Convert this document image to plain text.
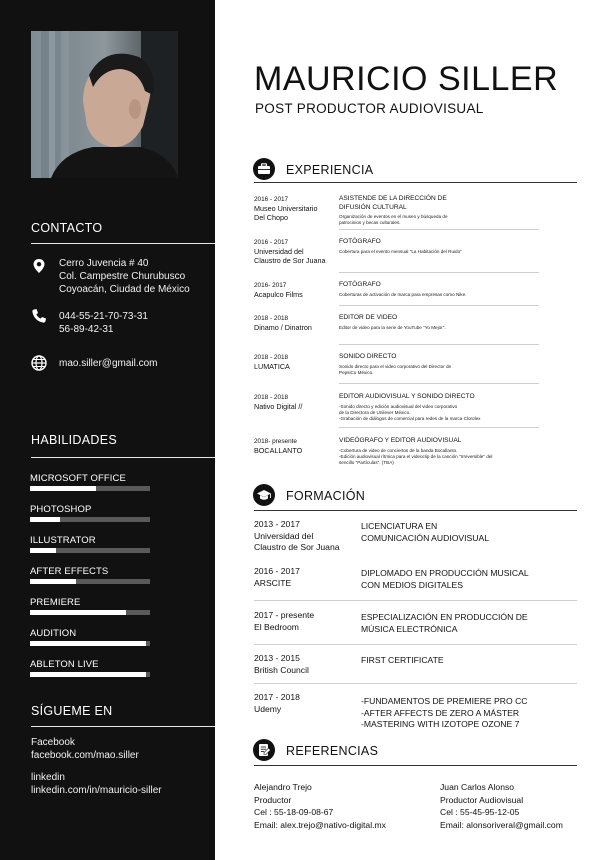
CONTACTO
Cerro Juvencia # 40
Col. Campestre Churubusco
Coyoacán, Ciudad de México
044-55-21-70-73-31
56-89-42-31
mao.siller@gmail.com
HABILIDADES
SÍGUEME EN
Facebook
facebook.com/mao.siller
linkedin
linkedin.com/in/mauricio-siller
MICROSOFT OFFICE
PHOTOSHOP
ILLUSTRATOR
AFTER EFFECTS
PREMIERE
AUDITION
ABLETON LIVE
MAURICIO SILLER
POST PRODUCTOR AUDIOVISUAL
EXPERIENCIA
2016 - 2017
Museo Universitario
Del Chopo
ASISTENDE DE LA DIRECCIÓN DE
DIFUSIÓN CULTURAL
Organización de eventos en el museo y búsqueda de
patrocinios y becas culturales.
2016 - 2017
Universidad del
Claustro de Sor Juana
FOTÓGRAFO
Cobertura para el evento mensual "La Habitación del Ruido"
2016- 2017
Acapulco Films
FOTÓGRAFO
Coberturas de activación de marca para empresas como Nike.
2018 - 2018
Dinamo / Dinatron
EDITOR DE VIDEO
Editor de video para la serie de YouTube "Yo Mejor".
2018 - 2018
LUMATICA
SONIDO DIRECTO
Sonido directo para el video corporativo del Director de
PepsiCo México.
2018 - 2018
Nativo Digital //
EDITOR AUDIOVISUAL Y SONIDO DIRECTO
-Sonido directo y edición audiovisual del video corporativo
de la Directora de Unilever México.
-Grabación de diálogos de comercial para redes de la marca Clorolex
2018- presente
BOCALLANTO
VIDEÓGRAFO Y EDITOR AUDIOVISUAL
-Cobertura de video de conciertos de la banda Bocallanto.
-Edición audiovisual rítmica para el videoclip de la canción "Irreversible" del
sencillo "Partículas". (TBA)
FORMACIÓN
2013 - 2017
Universidad del
Claustro de Sor Juana
LICENCIATURA EN
COMUNICACIÓN AUDIOVISUAL
2016 - 2017
ARSCITE
DIPLOMADO EN PRODUCCIÓN MUSICAL
CON MEDIOS DIGITALES
2017 - presente
El Bedroom
ESPECIALIZACIÓN EN PRODUCCIÓN DE
MÚSICA ELECTRÓNICA
2013 - 2015
British Council
FIRST CERTIFICATE
2017 - 2018
Udemy
-FUNDAMENTOS DE PREMIERE PRO CC
-AFTER AFFECTS DE ZERO A MÁSTER
-MASTERING WITH IZOTOPE OZONE 7
REFERENCIAS
Alejandro Trejo
Productor
Cel : 55-18-09-08-67
Email: alex.trejo@nativo-digital.mx
Juan Carlos Alonso
Productor Audiovisual
Cel : 55-45-95-12-05
Email: alonsoriveral@gmail.com
